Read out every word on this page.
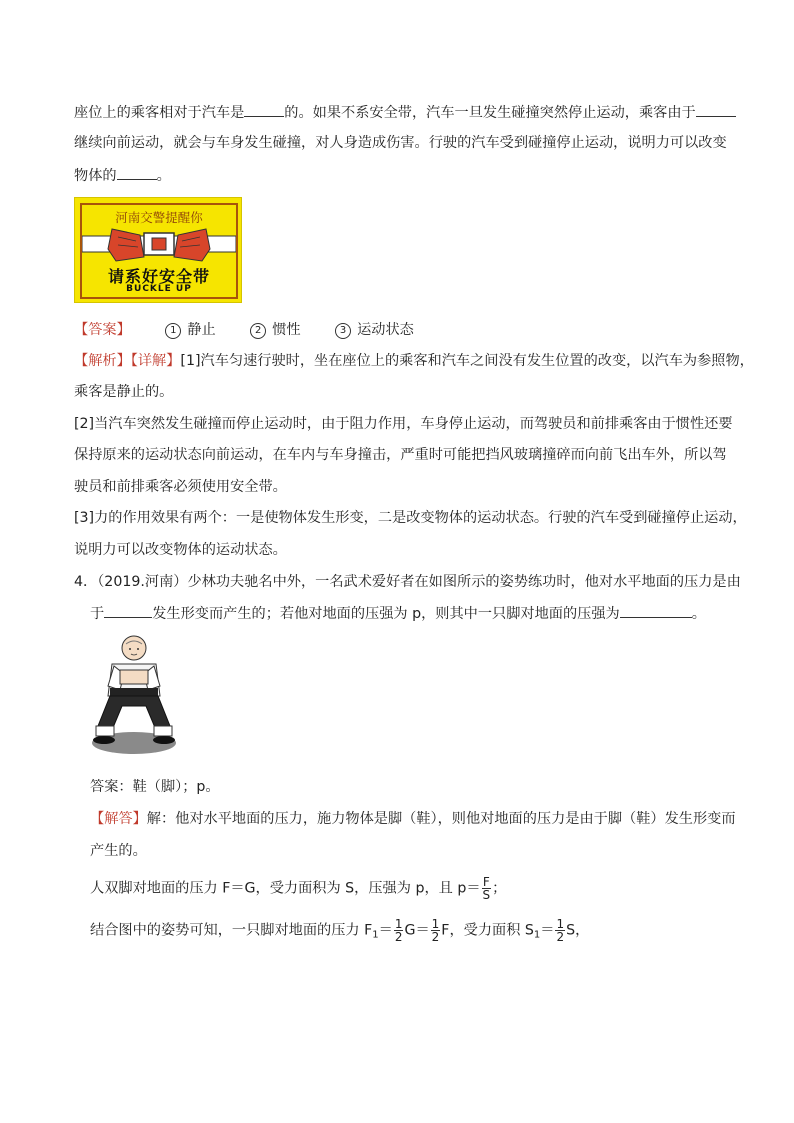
座位上的乘客相对于汽车是	的。如果不系安全带，汽车一旦发生碰撞突然停止运动，乘客由于
继续向前运动，就会与车身发生碰撞，对人身造成伤害。行驶的汽车受到碰撞停止运动，说明力可以改变
物体的	。
河南交警提醒你
请系好安全带
BUCKLE UP
【答案】	1 静止	2 惯性	3 运动状态
【解析】【详解】[1]汽车匀速行驶时，坐在座位上的乘客和汽车之间没有发生位置的改变，以汽车为参照物，
乘客是静止的。
[2]当汽车突然发生碰撞而停止运动时，由于阻力作用，车身停止运动，而驾驶员和前排乘客由于惯性还要
保持原来的运动状态向前运动，在车内与车身撞击，严重时可能把挡风玻璃撞碎而向前飞出车外，所以驾
驶员和前排乘客必须使用安全带。
[3]力的作用效果有两个：一是使物体发生形变，二是改变物体的运动状态。行驶的汽车受到碰撞停止运动，
说明力可以改变物体的运动状态。
4．（2019.河南）少林功夫驰名中外，一名武术爱好者在如图所示的姿势练功时，他对水平地面的压力是由
于	发生形变而产生的；若他对地面的压强为 p，则其中一只脚对地面的压强为	。
答案：鞋（脚）；p。
【解答】解：他对水平地面的压力，施力物体是脚（鞋），则他对地面的压力是由于脚（鞋）发生形变而
产生的。
人双脚对地面的压力 F＝G，受力面积为 S，压强为 p，且 $p= \frac{F}{S}$ ；
结合图中的姿势可知，一只脚对地面的压力 $F_1= \frac{1}{2} G= \frac{1}{2}$ F，受力面积 $S_1= \frac{1}{2}$ S，
